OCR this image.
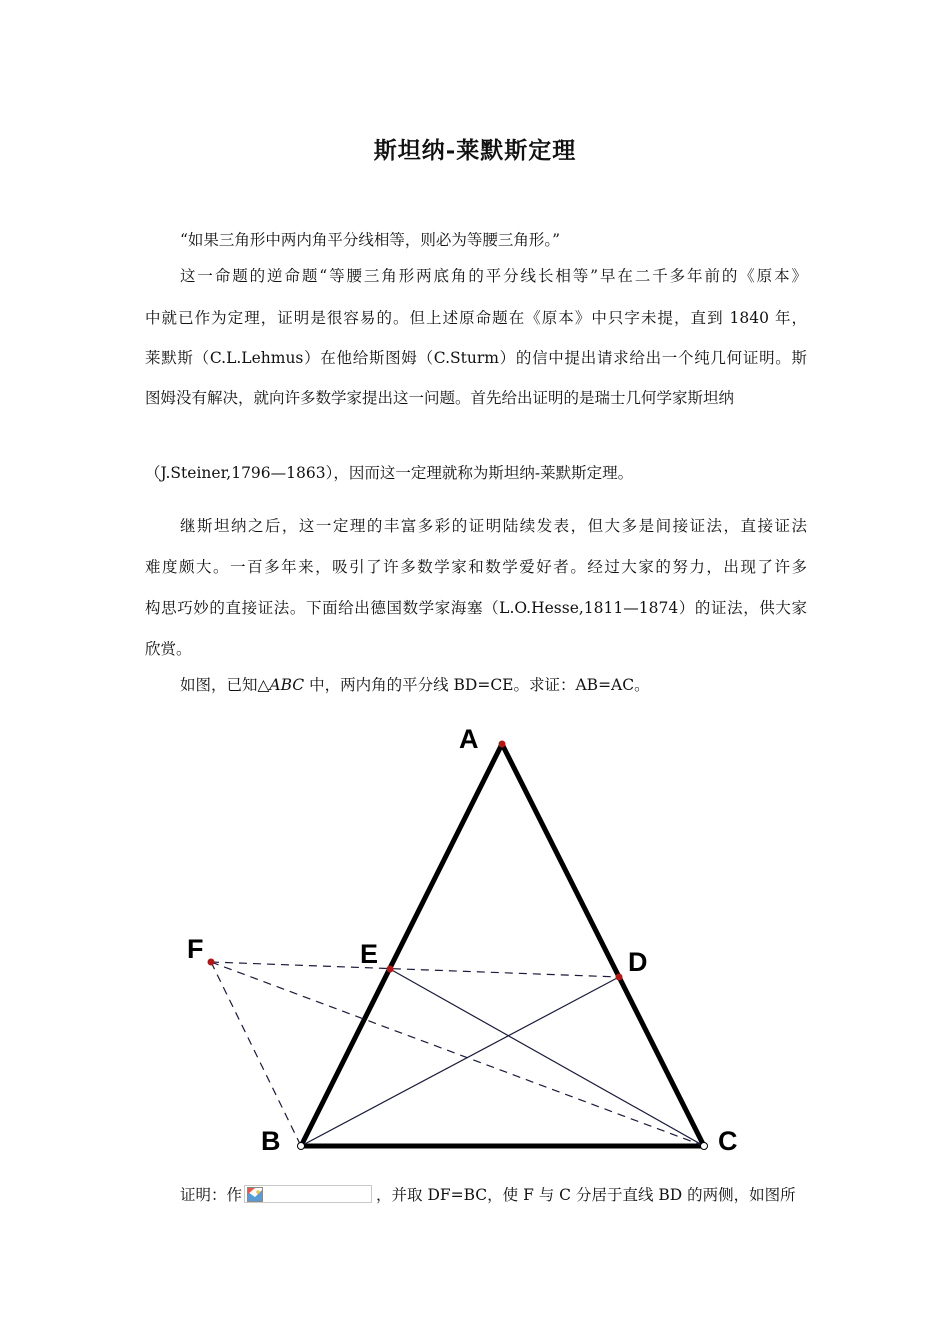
斯坦纳-莱默斯定理
“如果三角形中两内角平分线相等，则必为等腰三角形。”
这一命题的逆命题“等腰三角形两底角的平分线长相等”早在二千多年前的《原本》
中就已作为定理，证明是很容易的。但上述原命题在《原本》中只字未提，直到 1840 年，
莱默斯（C.L.Lehmus）在他给斯图姆（C.Sturm）的信中提出请求给出一个纯几何证明。斯
图姆没有解决，就向许多数学家提出这一问题。首先给出证明的是瑞士几何学家斯坦纳
（J.Steiner,1796—1863），因而这一定理就称为斯坦纳-莱默斯定理。
继斯坦纳之后，这一定理的丰富多彩的证明陆续发表，但大多是间接证法，直接证法
难度颇大。一百多年来，吸引了许多数学家和数学爱好者。经过大家的努力，出现了许多
构思巧妙的直接证法。下面给出德国数学家海塞（L.O.Hesse,1811—1874）的证法，供大家
欣赏。
如图，已知△ABC 中，两内角的平分线 BD=CE。求证：AB=AC。
A
E	D
F
B	C
证明：作	，并取 DF=BC，使 F 与 C 分居于直线 BD 的两侧，如图所
